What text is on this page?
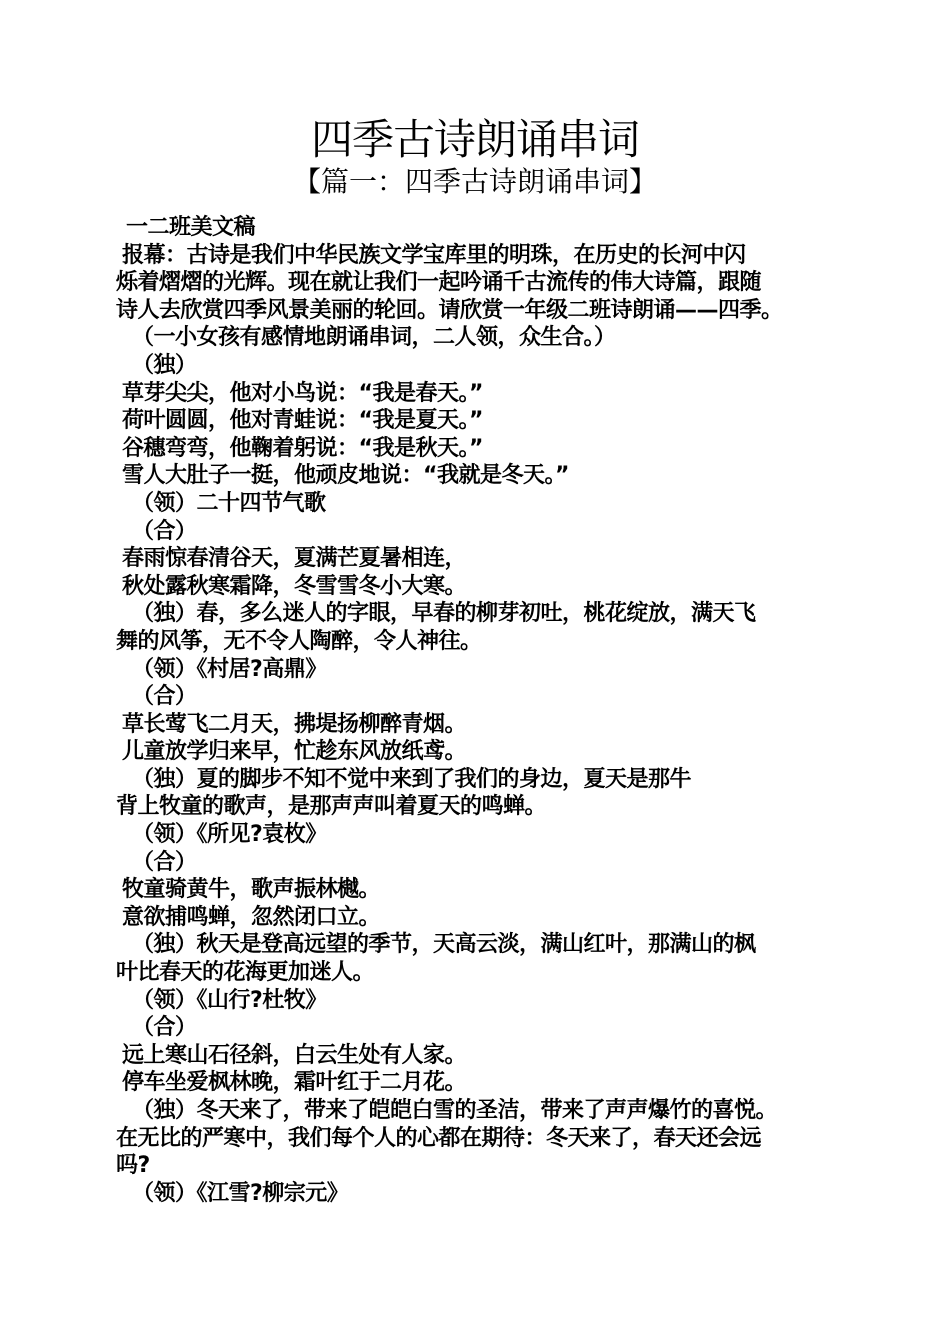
四季古诗朗诵串词
【篇一：四季古诗朗诵串词】
一二班美文稿
报幕：古诗是我们中华民族文学宝库里的明珠，在历史的长河中闪
烁着熠熠的光辉。现在就让我们一起吟诵千古流传的伟大诗篇，跟随
诗人去欣赏四季风景美丽的轮回。请欣赏一年级二班诗朗诵——四季。
（一小女孩有感情地朗诵串词，二人领，众生合。）
（独）
草芽尖尖，他对小鸟说：“我是春天。”
荷叶圆圆，他对青蛙说：“我是夏天。”
谷穗弯弯，他鞠着躬说：“我是秋天。”
雪人大肚子一挺，他顽皮地说：“我就是冬天。”
（领）二十四节气歌
（合）
春雨惊春清谷天，夏满芒夏暑相连，
秋处露秋寒霜降，冬雪雪冬小大寒。
（独）春，多么迷人的字眼，早春的柳芽初吐，桃花绽放，满天飞
舞的风筝，无不令人陶醉，令人神往。
（领）《村居?高鼎》
（合）
草长莺飞二月天，拂堤扬柳醉青烟。
儿童放学归来早，忙趁东风放纸鸢。
（独）夏的脚步不知不觉中来到了我们的身边，夏天是那牛
背上牧童的歌声，是那声声叫着夏天的鸣蝉。
（领）《所见?袁枚》
（合）
牧童骑黄牛，歌声振林樾。
意欲捕鸣蝉，忽然闭口立。
（独）秋天是登高远望的季节，天高云淡，满山红叶，那满山的枫
叶比春天的花海更加迷人。
（领）《山行?杜牧》
（合）
远上寒山石径斜，白云生处有人家。
停车坐爱枫林晚，霜叶红于二月花。
（独）冬天来了，带来了皑皑白雪的圣洁，带来了声声爆竹的喜悦。
在无比的严寒中，我们每个人的心都在期待：冬天来了，春天还会远
吗?
（领）《江雪?柳宗元》
